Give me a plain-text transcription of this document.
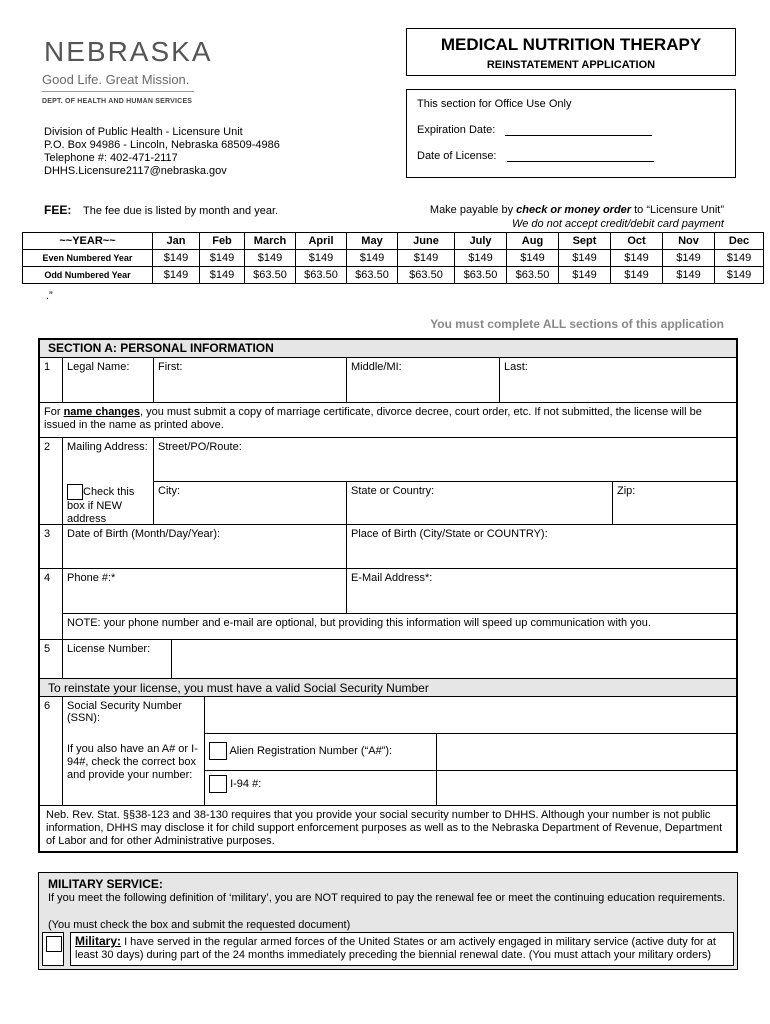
NEBRASKA
Good Life. Great Mission.
DEPT. OF HEALTH AND HUMAN SERVICES
MEDICAL NUTRITION THERAPY
REINSTATEMENT APPLICATION
This section for Office Use Only
Expiration Date:
Date of License:
Division of Public Health - Licensure Unit
P.O. Box 94986 - Lincoln, Nebraska 68509-4986
Telephone #: 402-471-2117
DHHS.Licensure2117@nebraska.gov
FEE: The fee due is listed by month and year.	Make payable by check or money order to “Licensure Unit”
We do not accept credit/debit card payment
~~YEAR~~	Jan	Feb	March	April	May	June	July	Aug	Sept	Oct	Nov	Dec
Even Numbered Year	$149	$149	$149	$149	$149	$149	$149	$149	$149	$149	$149	$149
Odd Numbered Year	$149	$149	$63.50	$63.50	$63.50	$63.50	$63.50	$63.50	$149	$149	$149	$149
.”
You must complete ALL sections of this application
SECTION A: PERSONAL INFORMATION
1	Legal Name:	First:	Middle/MI:	Last:
For name changes, you must submit a copy of marriage certificate, divorce decree, court order, etc. If not submitted, the license will be issued in the name as printed above.
2	Mailing Address: Street/PO/Route:
Check this box if NEW address
City:	State or Country:	Zip:
3	Date of Birth (Month/Day/Year):	Place of Birth (City/State or COUNTRY):
4	Phone #:*	E-Mail Address*:
NOTE: your phone number and e-mail are optional, but providing this information will speed up communication with you.
5	License Number:
To reinstate your license, you must have a valid Social Security Number
6	Social Security Number (SSN):
If you also have an A# or I-94#, check the correct box and provide your number:
Alien Registration Number (“A#”):
I-94 #:
Neb. Rev. Stat. §§38-123 and 38-130 requires that you provide your social security number to DHHS. Although your number is not public information, DHHS may disclose it for child support enforcement purposes as well as to the Nebraska Department of Revenue, Department of Labor and for other Administrative purposes.
MILITARY SERVICE:
If you meet the following definition of ‘military’, you are NOT required to pay the renewal fee or meet the continuing education requirements.
(You must check the box and submit the requested document)
Military: I have served in the regular armed forces of the United States or am actively engaged in military service (active duty for at least 30 days) during part of the 24 months immediately preceding the biennial renewal date. (You must attach your military orders)
